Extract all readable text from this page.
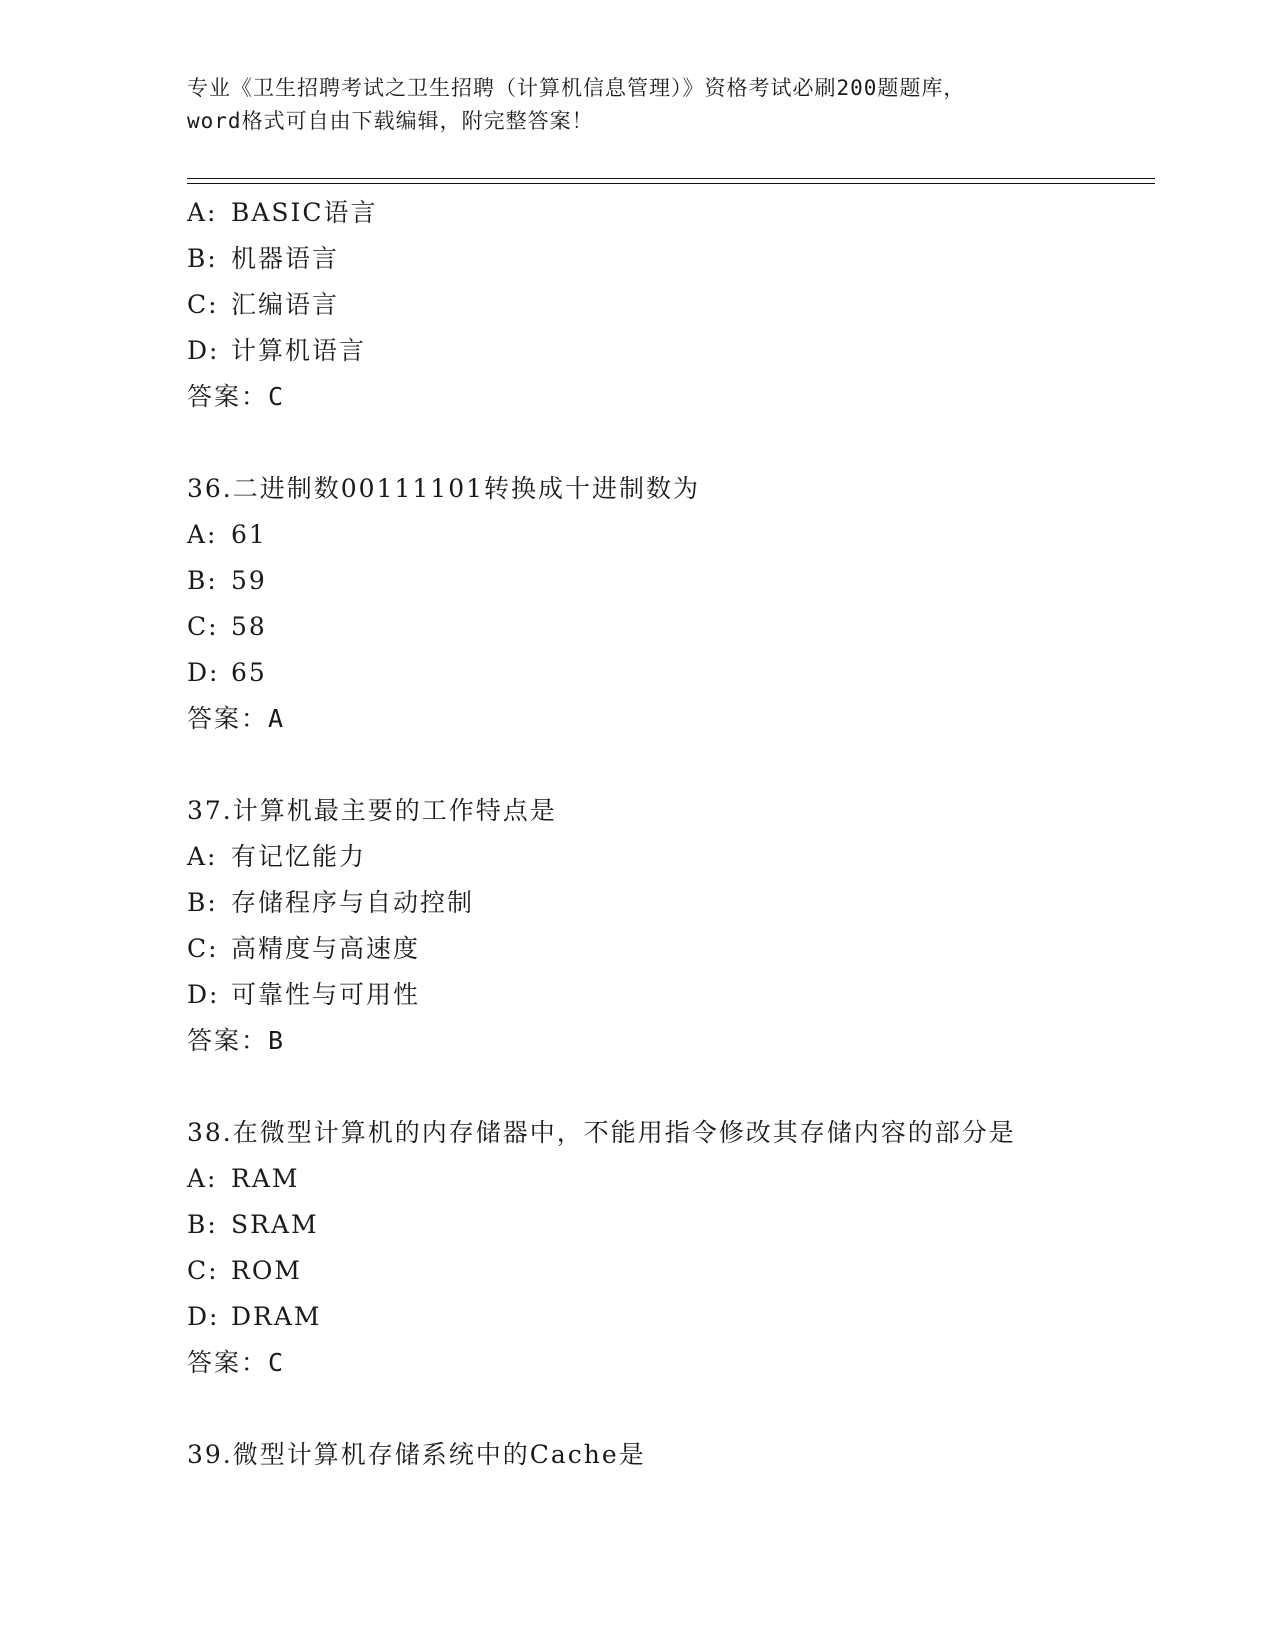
专业《卫生招聘考试之卫生招聘（计算机信息管理）》资格考试必刷200题题库，
word格式可自由下载编辑，附完整答案！
A: BASIC语言
B: 机器语言
C: 汇编语言
D: 计算机语言
答案：C
36.二进制数00111101转换成十进制数为
A: 61
B: 59
C: 58
D: 65
答案：A
37.计算机最主要的工作特点是
A: 有记忆能力
B: 存储程序与自动控制
C: 高精度与高速度
D: 可靠性与可用性
答案：B
38.在微型计算机的内存储器中，不能用指令修改其存储内容的部分是
A: RAM
B: SRAM
C: ROM
D: DRAM
答案：C
39.微型计算机存储系统中的Cache是
